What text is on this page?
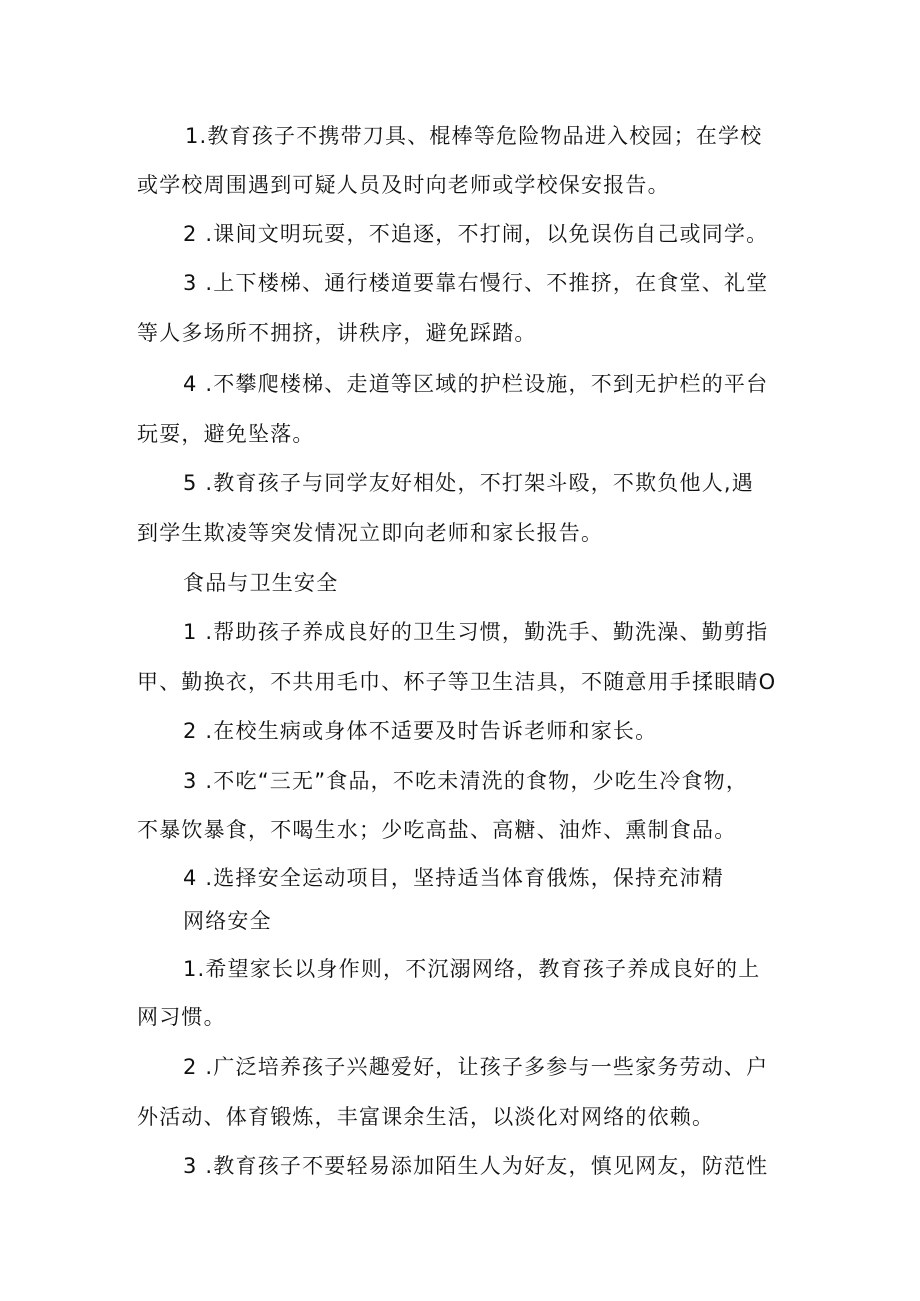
1.教育孩子不携带刀具、棍棒等危险物品进入校园；在学校
或学校周围遇到可疑人员及时向老师或学校保安报告。
2 .课间文明玩耍，不追逐，不打闹，以免误伤自己或同学。
3 .上下楼梯、通行楼道要靠右慢行、不推挤，在食堂、礼堂
等人多场所不拥挤，讲秩序，避免踩踏。
4 .不攀爬楼梯、走道等区域的护栏设施，不到无护栏的平台
玩耍，避免坠落。
5 .教育孩子与同学友好相处，不打架斗殴，不欺负他人,遇
到学生欺凌等突发情况立即向老师和家长报告。
食品与卫生安全
1 .帮助孩子养成良好的卫生习惯，勤洗手、勤洗澡、勤剪指
甲、勤换衣，不共用毛巾、杯子等卫生洁具，不随意用手揉眼睛O
2 .在校生病或身体不适要及时告诉老师和家长。
3 .不吃“三无”食品，不吃未清洗的食物，少吃生冷食物，
不暴饮暴食，不喝生水；少吃高盐、高糖、油炸、熏制食品。
4 .选择安全运动项目，坚持适当体育俄炼，保持充沛精
网络安全
1.希望家长以身作则，不沉溺网络，教育孩子养成良好的上
网习惯。
2 .广泛培养孩子兴趣爱好，让孩子多参与一些家务劳动、户
外活动、体育锻炼，丰富课余生活，以淡化对网络的依赖。
3 .教育孩子不要轻易添加陌生人为好友，慎见网友，防范性
